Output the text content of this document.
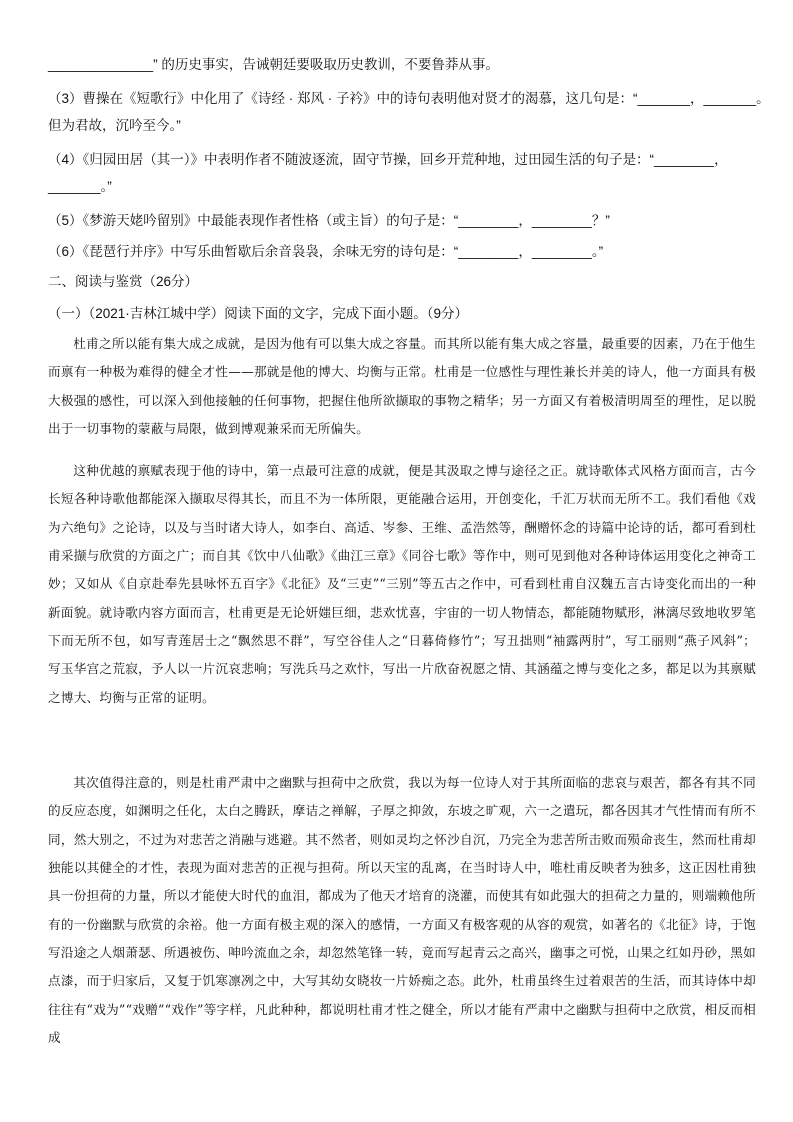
______________” 的历史事实，告诫朝廷要吸取历史教训，不要鲁莽从事。
（3）曹操在《短歌行》中化用了《诗经 · 郑风 · 子衿》中的诗句表明他对贤才的渴慕，这几句是：“_______，_______。
但为君故，沉吟至今。”
（4）《归园田居（其一）》中表明作者不随波逐流，固守节操，回乡开荒种地，过田园生活的句子是：“________，
_______。”
（5）《梦游天姥吟留别》中最能表现作者性格（或主旨）的句子是：“________，________？”
（6）《琵琶行并序》中写乐曲暂歇后余音袅袅，余味无穷的诗句是：“________，________。”
二、阅读与鉴赏（26分）
（一）（2021·吉林江城中学）阅读下面的文字，完成下面小题。（9分）
杜甫之所以能有集大成之成就，是因为他有可以集大成之容量。而其所以能有集大成之容量，最重要的因素，乃在于他生而禀有一种极为难得的健全才性——那就是他的博大、均衡与正常。杜甫是一位感性与理性兼长并美的诗人，他一方面具有极大极强的感性，可以深入到他接触的任何事物，把握住他所欲撷取的事物之精华；另一方面又有着极清明周至的理性，足以脱出于一切事物的蒙蔽与局限，做到博观兼采而无所偏失。
这种优越的禀赋表现于他的诗中，第一点最可注意的成就，便是其汲取之博与途径之正。就诗歌体式风格方面而言，古今长短各种诗歌他都能深入撷取尽得其长，而且不为一体所限，更能融合运用，开创变化，千汇万状而无所不工。我们看他《戏为六绝句》之论诗，以及与当时诸大诗人，如李白、高适、岑参、王维、孟浩然等，酬赠怀念的诗篇中论诗的话，都可看到杜甫采撷与欣赏的方面之广；而自其《饮中八仙歌》《曲江三章》《同谷七歌》等作中，则可见到他对各种诗体运用变化之神奇工妙；又如从《自京赴奉先县咏怀五百字》《北征》及“三吏”“三别”等五古之作中，可看到杜甫自汉魏五言古诗变化而出的一种新面貌。就诗歌内容方面而言，杜甫更是无论妍媸巨细，悲欢忧喜，宇宙的一切人物情态，都能随物赋形，淋漓尽致地收罗笔下而无所不包，如写青莲居士之“飘然思不群”，写空谷佳人之“日暮倚修竹”；写丑拙则“袖露两肘”，写工丽则“燕子风斜”；写玉华宫之荒寂，予人以一片沉哀悲响；写洗兵马之欢忭，写出一片欣奋祝愿之情、其涵蕴之博与变化之多，都足以为其禀赋之博大、均衡与正常的证明。
其次值得注意的，则是杜甫严肃中之幽默与担荷中之欣赏，我以为每一位诗人对于其所面临的悲哀与艰苦，都各有其不同的反应态度，如渊明之任化，太白之腾跃，摩诘之禅解，子厚之抑敛，东坡之旷观，六一之遣玩，都各因其才气性情而有所不同，然大别之，不过为对悲苦之消融与逃避。其不然者，则如灵均之怀沙自沉，乃完全为悲苦所击败而殒命丧生，然而杜甫却独能以其健全的才性，表现为面对悲苦的正视与担荷。所以天宝的乱离，在当时诗人中，唯杜甫反映者为独多，这正因杜甫独具一份担荷的力量，所以才能使大时代的血泪，都成为了他天才培育的浇灌，而使其有如此强大的担荷之力量的，则端赖他所有的一份幽默与欣赏的余裕。他一方面有极主观的深入的感情，一方面又有极客观的从容的观赏，如著名的《北征》诗，于饱写沿途之人烟萧瑟、所遇被伤、呻吟流血之余，却忽然笔锋一转，竟而写起青云之高兴，幽事之可悦，山果之红如丹砂，黑如点漆，而于归家后，又复于饥寒凛冽之中，大写其幼女晓妆一片娇痴之态。此外，杜甫虽终生过着艰苦的生活，而其诗体中却往往有“戏为”“戏赠”“戏作”等字样，凡此种种，都说明杜甫才性之健全，所以才能有严肃中之幽默与担荷中之欣赏，相反而相成
